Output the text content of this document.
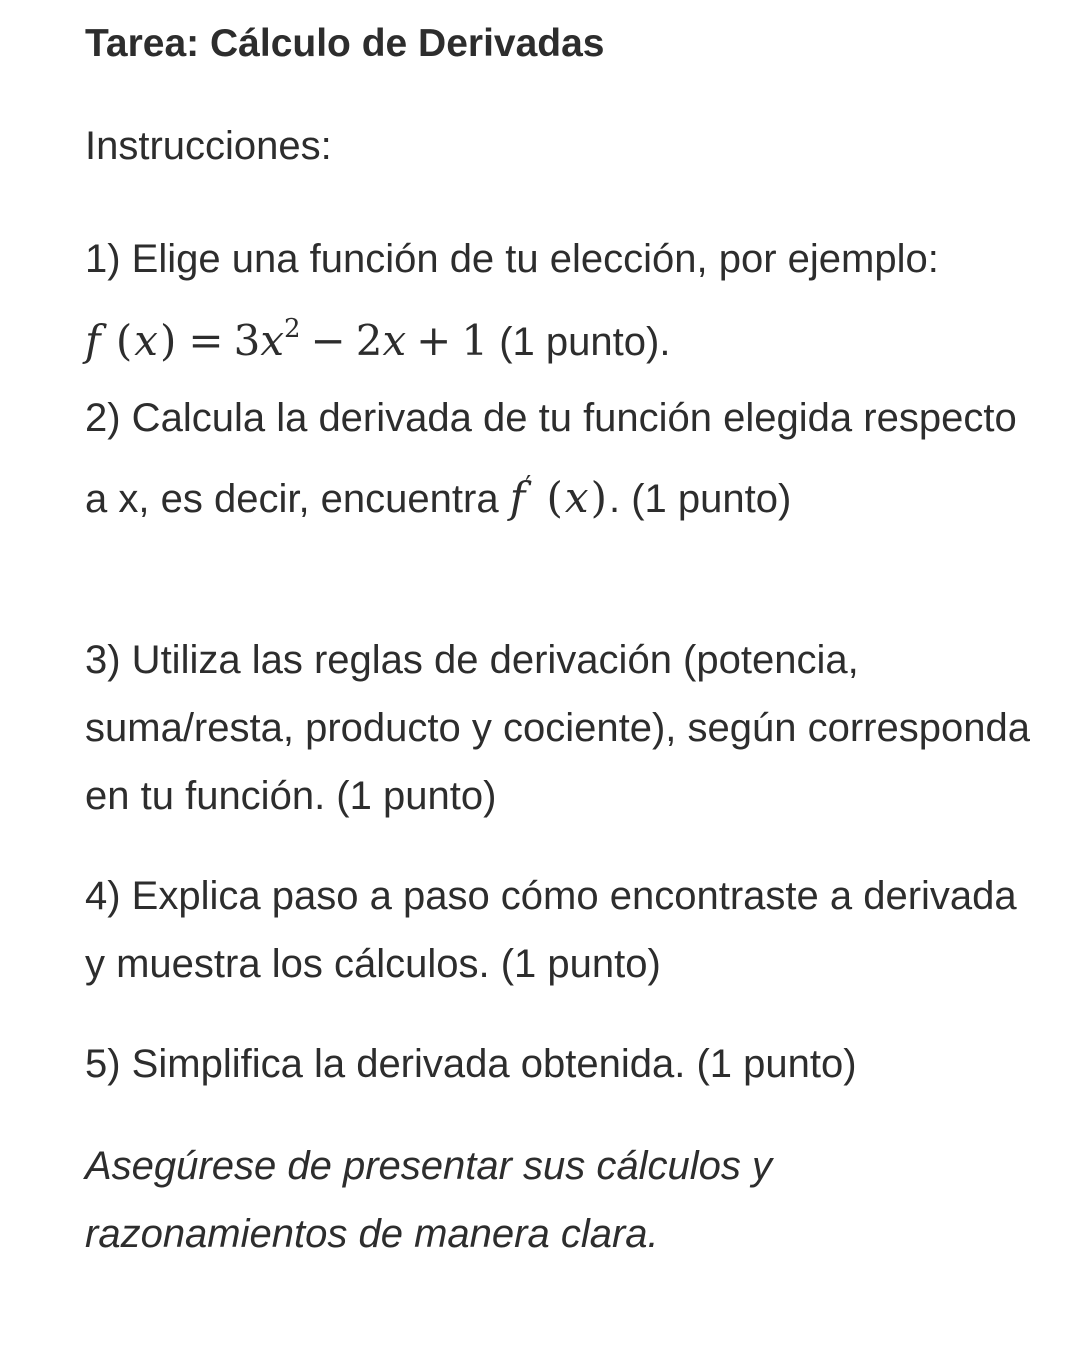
Tarea: Cálculo de Derivadas

Instrucciones:

1) Elige una función de tu elección, por ejemplo:
f $(x) = 3x^2 - 2x + 1$ (1 punto).

2) Calcula la derivada de tu función elegida respecto a x, es decir, encuentra f′ (x). (1 punto)

3) Utiliza las reglas de derivación (potencia, suma/resta, producto y cociente), según corresponda en tu función. (1 punto)

4) Explica paso a paso cómo encontraste a derivada y muestra los cálculos. (1 punto)

5) Simplifica la derivada obtenida. (1 punto)

Asegúrese de presentar sus cálculos y razonamientos de manera clara.
